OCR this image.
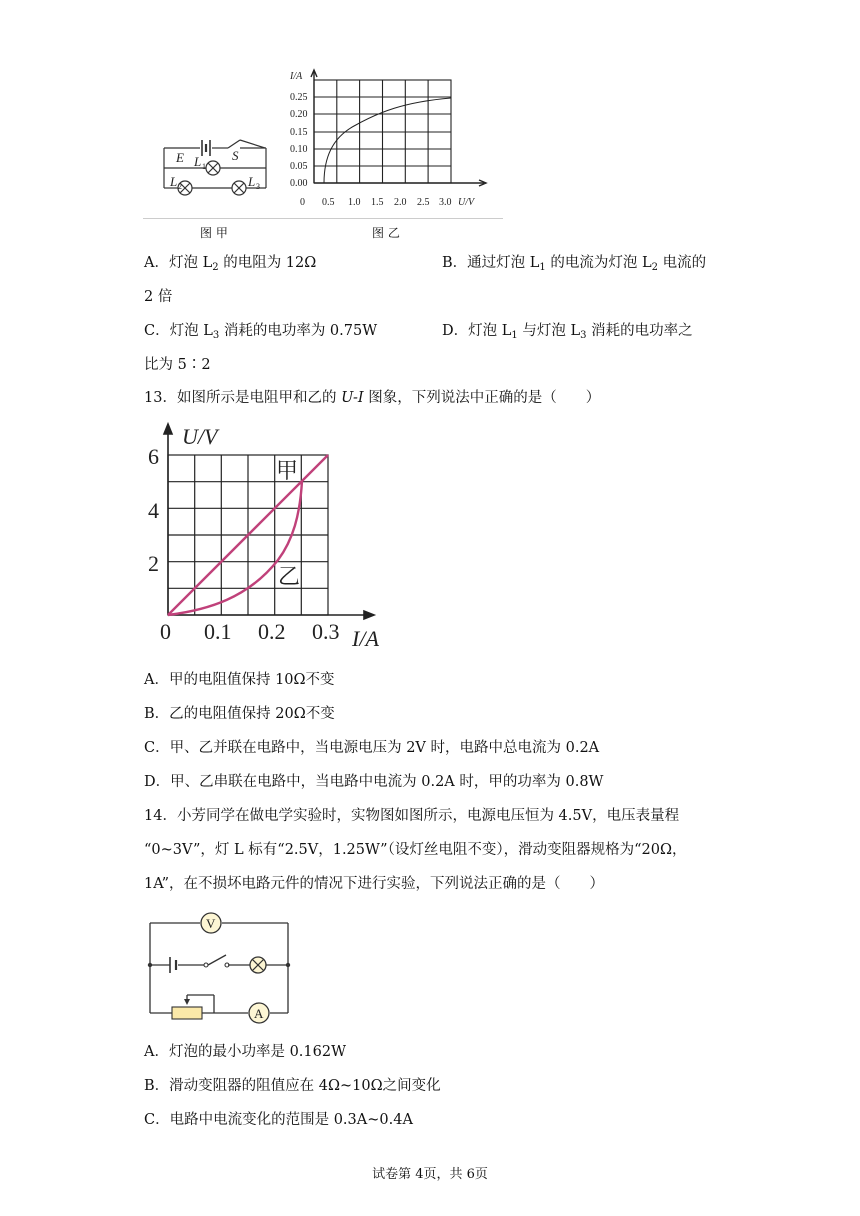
E	S
L
L	L
1
2	3
图 甲
I/A
U/V
0.25
0.20
0.15
0.10
0.05
0.00
0 0.5 1.0 1.5 2.0 2.5 3.0
图 乙
A．灯泡 $L_2$ 的电阻为 12Ω	B．通过灯泡 $L_1$ 的电流为灯泡 $L_2$ 电流的
2 倍
C．灯泡 $L_3$ 消耗的电功率为 0.75W	D．灯泡 $L_1$ 与灯泡 $L_3$ 消耗的电功率之
比为 5∶2
13．如图所示是电阻甲和乙的 U-I 图象，下列说法中正确的是（　　）
U/V
I/A
6
4
2
0 0.1 0.2 0.3
甲
乙
A．甲的电阻值保持 10Ω不变
B．乙的电阻值保持 20Ω不变
C．甲、乙并联在电路中，当电源电压为 2V 时，电路中总电流为 0.2A
D．甲、乙串联在电路中，当电路中电流为 0.2A 时，甲的功率为 0.8W
14．小芳同学在做电学实验时，实物图如图所示，电源电压恒为 4.5V，电压表量程
“0~3V”，灯 L 标有“2.5V，1.25W”（设灯丝电阻不变），滑动变阻器规格为“20Ω，
1A”，在不损坏电路元件的情况下进行实验，下列说法正确的是（　　）
V
A
A．灯泡的最小功率是 0.162W
B．滑动变阻器的阻值应在 4Ω~10Ω之间变化
C．电路中电流变化的范围是 0.3A~0.4A
试卷第 4页，共 6页
